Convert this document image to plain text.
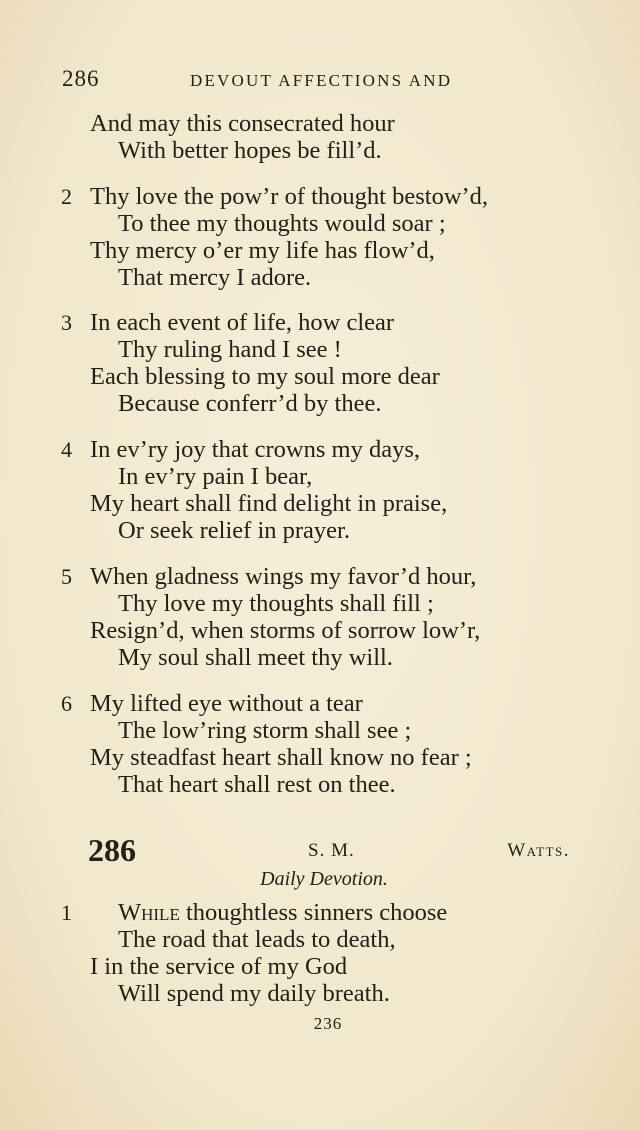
286	DEVOUT AFFECTIONS AND
And may this consecrated hour
With better hopes be fill’d.
2 Thy love the pow’r of thought bestow’d,
To thee my thoughts would soar ;
Thy mercy o’er my life has flow’d,
That mercy I adore.
3 In each event of life, how clear
Thy ruling hand I see !
Each blessing to my soul more dear
Because conferr’d by thee.
4 In ev’ry joy that crowns my days,
In ev’ry pain I bear,
My heart shall find delight in praise,
Or seek relief in prayer.
5 When gladness wings my favor’d hour,
Thy love my thoughts shall fill ;
Resign’d, when storms of sorrow low’r,
My soul shall meet thy will.
6 My lifted eye without a tear
The low’ring storm shall see ;
My steadfast heart shall know no fear ;
That heart shall rest on thee.
286	S. M.	Watts.
Daily Devotion.
1 While thoughtless sinners choose
The road that leads to death,
I in the service of my God
Will spend my daily breath.
236
